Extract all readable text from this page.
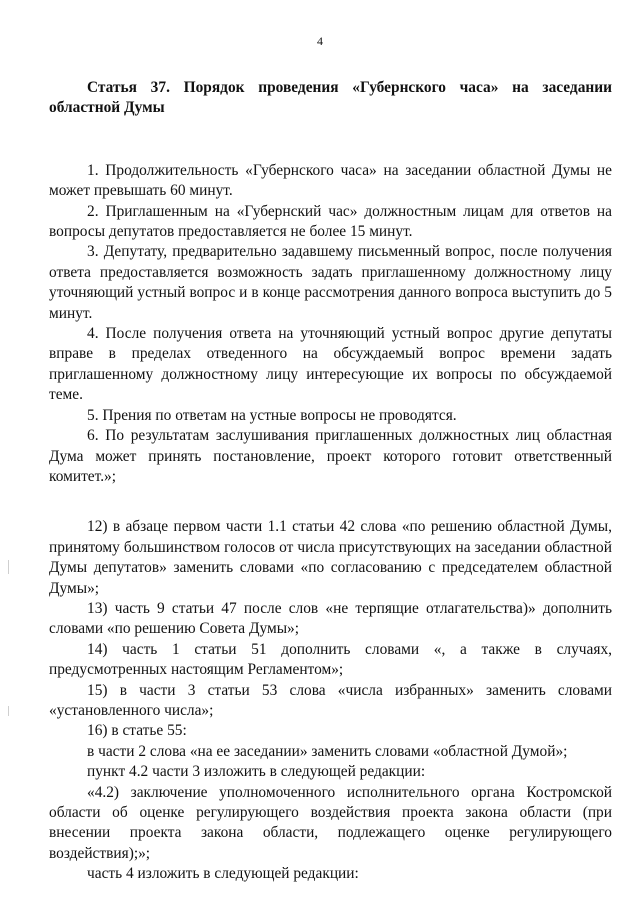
4

Статья 37. Порядок проведения «Губернского часа» на заседании областной Думы

1. Продолжительность «Губернского часа» на заседании областной Думы не может превышать 60 минут.

2. Приглашенным на «Губернский час» должностным лицам для ответов на вопросы депутатов предоставляется не более 15 минут.

3. Депутату, предварительно задавшему письменный вопрос, после получения ответа предоставляется возможность задать приглашенному должностному лицу уточняющий устный вопрос и в конце рассмотрения данного вопроса выступить до 5 минут.

4. После получения ответа на уточняющий устный вопрос другие депутаты вправе в пределах отведенного на обсуждаемый вопрос времени задать приглашенному должностному лицу интересующие их вопросы по обсуждаемой теме.

5. Прения по ответам на устные вопросы не проводятся.

6. По результатам заслушивания приглашенных должностных лиц областная Дума может принять постановление, проект которого готовит ответственный комитет.»;

12) в абзаце первом части 1.1 статьи 42 слова «по решению областной Думы, принятому большинством голосов от числа присутствующих на заседании областной Думы депутатов» заменить словами «по согласованию с председателем областной Думы»;

13) часть 9 статьи 47 после слов «не терпящие отлагательства)» дополнить словами «по решению Совета Думы»;

14) часть 1 статьи 51 дополнить словами «, а также в случаях, предусмотренных настоящим Регламентом»;

15) в части 3 статьи 53 слова «числа избранных» заменить словами «установленного числа»;

16) в статье 55:

в части 2 слова «на ее заседании» заменить словами «областной Думой»;

пункт 4.2 части 3 изложить в следующей редакции:

«4.2) заключение уполномоченного исполнительного органа Костромской области об оценке регулирующего воздействия проекта закона области (при внесении проекта закона области, подлежащего оценке регулирующего воздействия);»;

часть 4 изложить в следующей редакции:
